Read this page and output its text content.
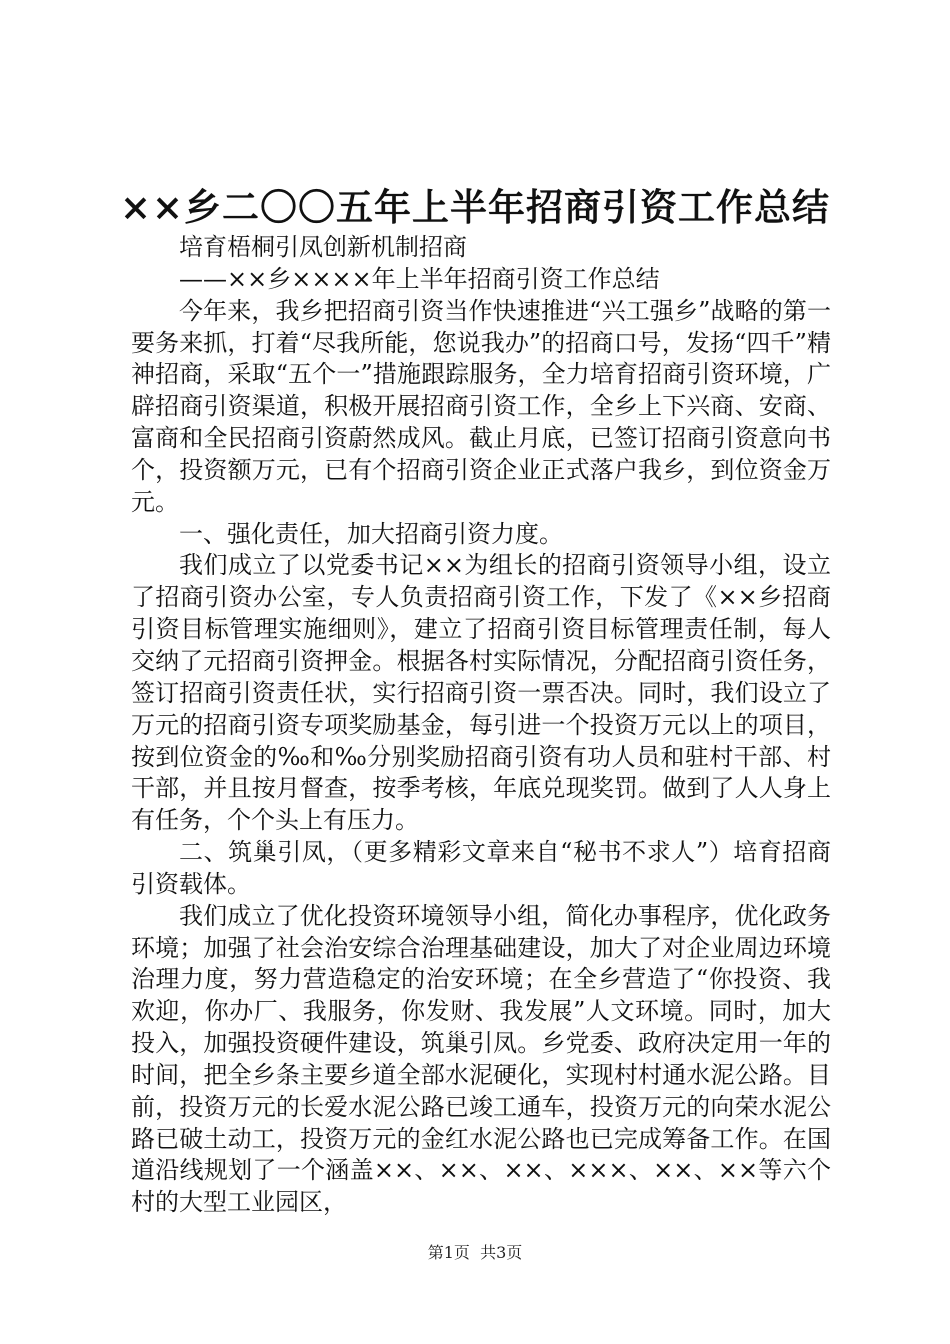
××乡二〇〇五年上半年招商引资工作总结

培育梧桐引凤创新机制招商

——××乡××××年上半年招商引资工作总结

今年来，我乡把招商引资当作快速推进“兴工强乡”战略的第一要务来抓，打着“尽我所能，您说我办”的招商口号，发扬“四千”精神招商，采取“五个一”措施跟踪服务，全力培育招商引资环境，广辟招商引资渠道，积极开展招商引资工作，全乡上下兴商、安商、富商和全民招商引资蔚然成风。截止月底，已签订招商引资意向书个，投资额万元，已有个招商引资企业正式落户我乡，到位资金万元。

一、强化责任，加大招商引资力度。

我们成立了以党委书记××为组长的招商引资领导小组，设立了招商引资办公室，专人负责招商引资工作，下发了《××乡招商引资目标管理实施细则》，建立了招商引资目标管理责任制，每人交纳了元招商引资押金。根据各村实际情况，分配招商引资任务，签订招商引资责任状，实行招商引资一票否决。同时，我们设立了万元的招商引资专项奖励基金，每引进一个投资万元以上的项目，按到位资金的‰和‰分别奖励招商引资有功人员和驻村干部、村干部，并且按月督查，按季考核，年底兑现奖罚。做到了人人身上有任务，个个头上有压力。

二、筑巢引凤，（更多精彩文章来自“秘书不求人”）培育招商引资载体。

我们成立了优化投资环境领导小组，简化办事程序，优化政务环境；加强了社会治安综合治理基础建设，加大了对企业周边环境治理力度，努力营造稳定的治安环境；在全乡营造了“你投资、我欢迎，你办厂、我服务，你发财、我发展”人文环境。同时，加大投入，加强投资硬件建设，筑巢引凤。乡党委、政府决定用一年的时间，把全乡条主要乡道全部水泥硬化，实现村村通水泥公路。目前，投资万元的长爱水泥公路已竣工通车，投资万元的向荣水泥公路已破土动工，投资万元的金红水泥公路也已完成筹备工作。在国道沿线规划了一个涵盖××、××、××、×××、××、××等六个村的大型工业园区，

第1页 共3页
